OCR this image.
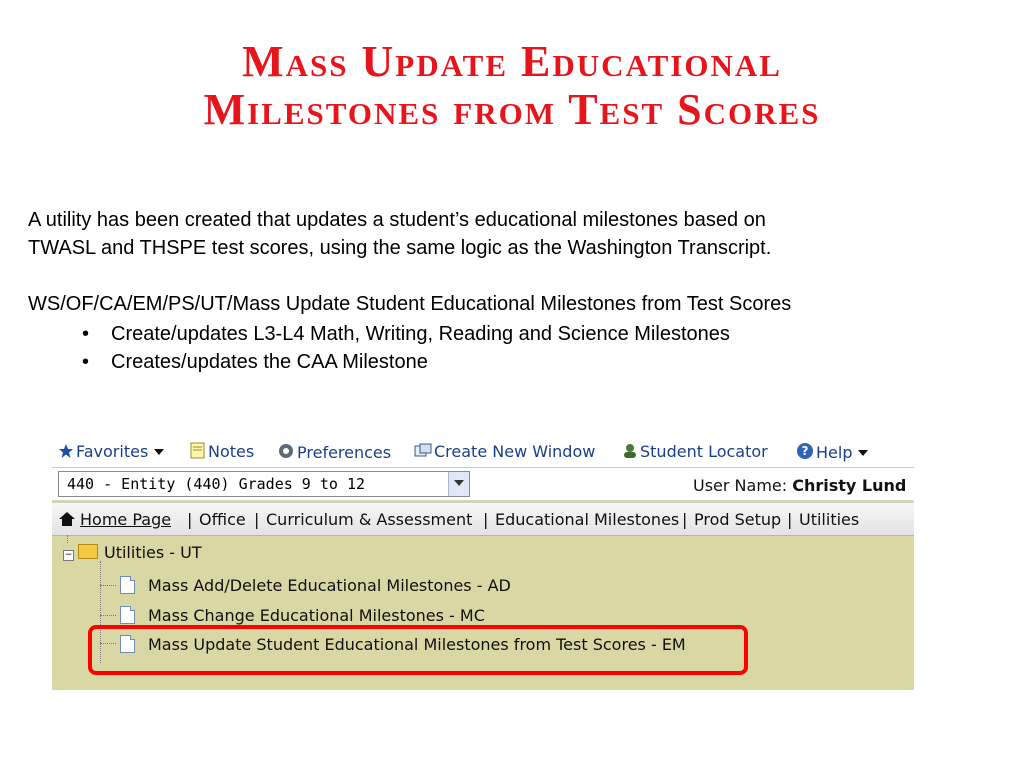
Mass Update Educational
Milestones from Test Scores

A utility has been created that updates a student’s educational milestones based on

TWASL and THSPE test scores, using the same logic as the Washington Transcript.

WS/OF/CA/EM/PS/UT/Mass Update Student Educational Milestones from Test Scores

• Create/updates L3-L4 Math, Writing, Reading and Science Milestones
• Creates/updates the CAA Milestone
Favorites	Notes	Preferences	Create New Window	Student Locator	? Help
440 - Entity (440) Grades 9 to 12	User Name: Christy Lund
Home Page | Office | Curriculum & Assessment | Educational Milestones | Prod Setup | Utilities
− Utilities - UT
Mass Add/Delete Educational Milestones - AD
Mass Change Educational Milestones - MC
Mass Update Student Educational Milestones from Test Scores - EM
